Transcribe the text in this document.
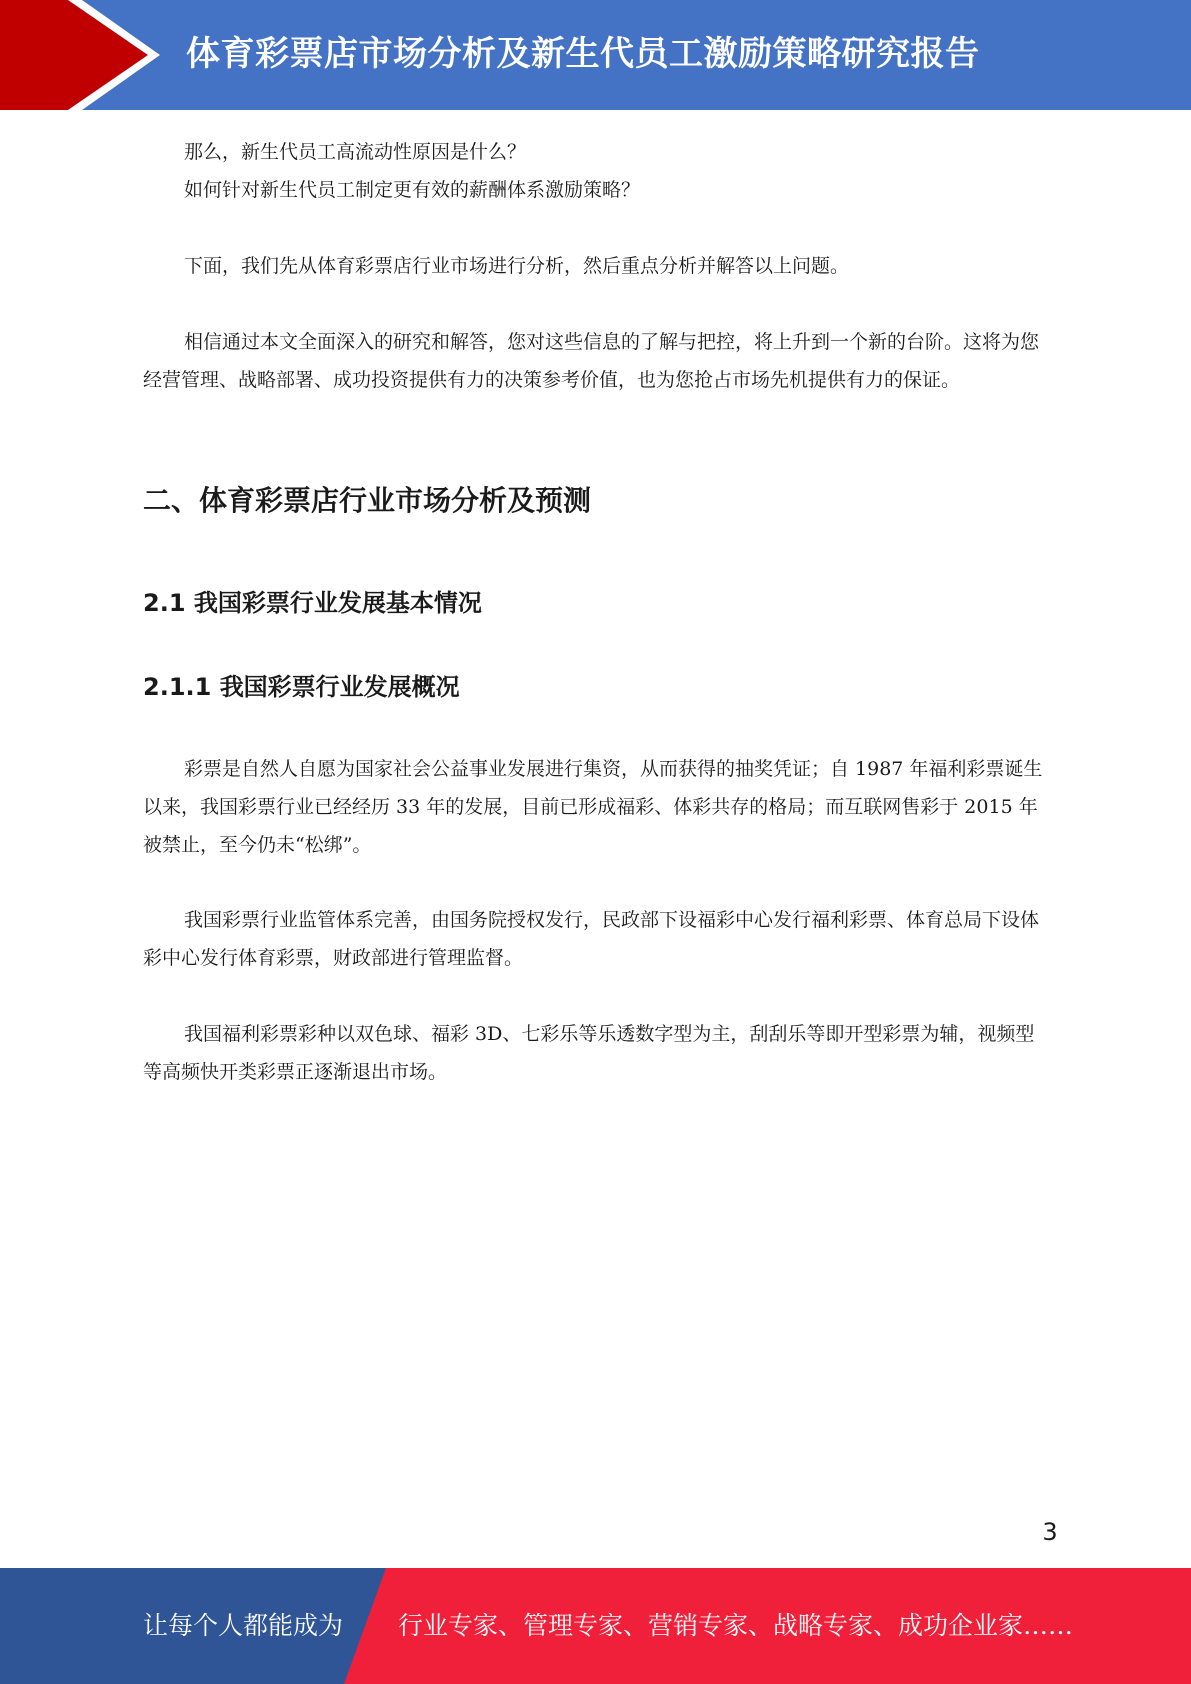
体育彩票店市场分析及新生代员工激励策略研究报告

那么，新生代员工高流动性原因是什么？

如何针对新生代员工制定更有效的薪酬体系激励策略？

下面，我们先从体育彩票店行业市场进行分析，然后重点分析并解答以上问题。

相信通过本文全面深入的研究和解答，您对这些信息的了解与把控，将上升到一个新的台阶。这将为您经营管理、战略部署、成功投资提供有力的决策参考价值，也为您抢占市场先机提供有力的保证。

二、体育彩票店行业市场分析及预测
2.1 我国彩票行业发展基本情况
2.1.1 我国彩票行业发展概况

彩票是自然人自愿为国家社会公益事业发展进行集资，从而获得的抽奖凭证；自 1987 年福利彩票诞生以来，我国彩票行业已经经历 33 年的发展，目前已形成福彩、体彩共存的格局；而互联网售彩于 2015 年被禁止，至今仍未“松绑”。

我国彩票行业监管体系完善，由国务院授权发行，民政部下设福彩中心发行福利彩票、体育总局下设体彩中心发行体育彩票，财政部进行管理监督。

我国福利彩票彩种以双色球、福彩 3D、七彩乐等乐透数字型为主，刮刮乐等即开型彩票为辅，视频型等高频快开类彩票正逐渐退出市场。

3
让每个人都能成为 行业专家、管理专家、营销专家、战略专家、成功企业家……
